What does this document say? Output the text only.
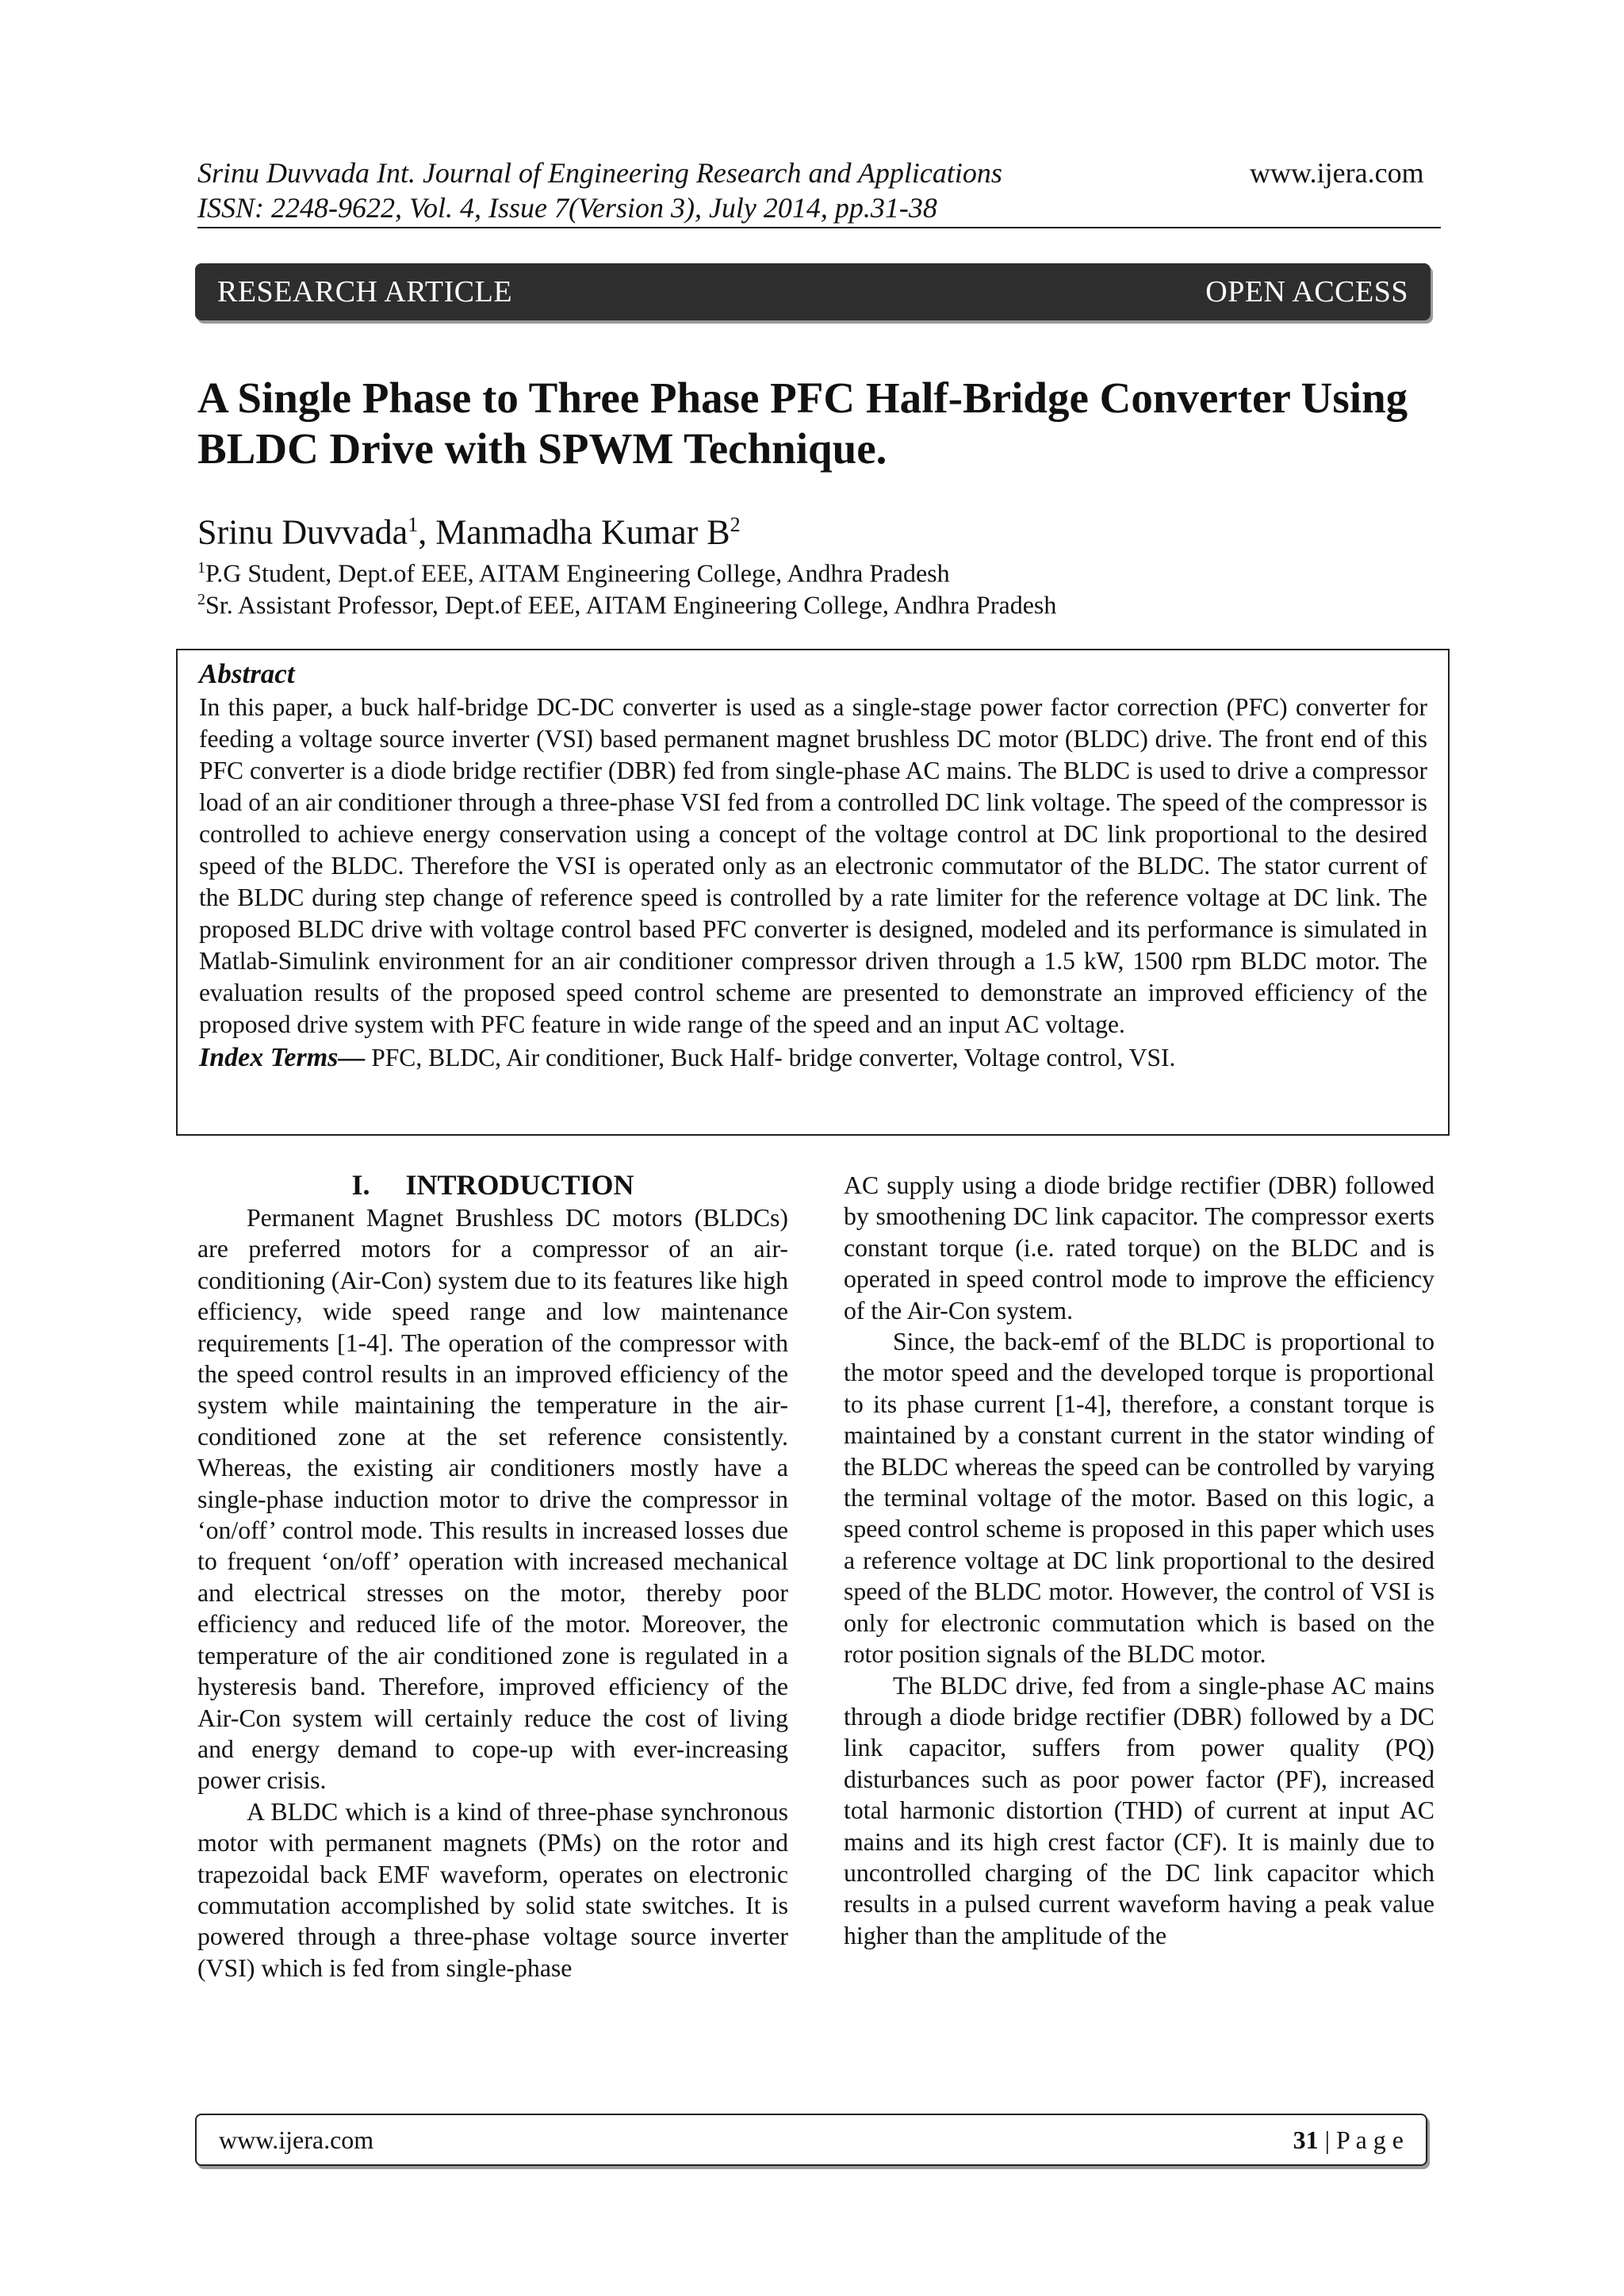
Srinu Duvvada Int. Journal of Engineering Research and Applications
ISSN: 2248-9622, Vol. 4, Issue 7(Version 3), July 2014, pp.31-38
www.ijera.com
RESEARCH ARTICLE	OPEN ACCESS
A Single Phase to Three Phase PFC Half-Bridge Converter Using
BLDC Drive with SPWM Technique.
Srinu Duvvada$^1$, Manmadha Kumar $B^2$
$^1$P.G Student, Dept.of EEE, AITAM Engineering College, Andhra Pradesh
$^2$Sr. Assistant Professor, Dept.of EEE, AITAM Engineering College, Andhra Pradesh
Abstract
In this paper, a buck half-bridge DC-DC converter is used as a single-stage power factor correction (PFC) converter for feeding a voltage source inverter (VSI) based permanent magnet brushless DC motor (BLDC) drive. The front end of this PFC converter is a diode bridge rectifier (DBR) fed from single-phase AC mains. The BLDC is used to drive a compressor load of an air conditioner through a three-phase VSI fed from a controlled DC link voltage. The speed of the compressor is controlled to achieve energy conservation using a concept of the voltage control at DC link proportional to the desired speed of the BLDC. Therefore the VSI is operated only as an electronic commutator of the BLDC. The stator current of the BLDC during step change of reference speed is controlled by a rate limiter for the reference voltage at DC link. The proposed BLDC drive with voltage control based PFC converter is designed, modeled and its performance is simulated in Matlab-Simulink environment for an air conditioner compressor driven through a 1.5 kW, 1500 rpm BLDC motor. The evaluation results of the proposed speed control scheme are presented to demonstrate an improved efficiency of the proposed drive system with PFC feature in wide range of the speed and an input AC voltage.
Index Terms— PFC, BLDC, Air conditioner, Buck Half- bridge converter, Voltage control, VSI.
I.     INTRODUCTION

Permanent Magnet Brushless DC motors (BLDCs) are preferred motors for a compressor of an air-conditioning (Air-Con) system due to its features like high efficiency, wide speed range and low maintenance requirements [1-4]. The operation of the compressor with the speed control results in an improved efficiency of the system while maintaining the temperature in the air-conditioned zone at the set reference consistently. Whereas, the existing air conditioners mostly have a single-phase induction motor to drive the compressor in ‘on/off’ control mode. This results in increased losses due to frequent ‘on/off’ operation with increased mechanical and electrical stresses on the motor, thereby poor efficiency and reduced life of the motor. Moreover, the temperature of the air conditioned zone is regulated in a hysteresis band. Therefore, improved efficiency of the Air-Con system will certainly reduce the cost of living and energy demand to cope-up with ever-increasing power crisis.

A BLDC which is a kind of three-phase synchronous motor with permanent magnets (PMs) on the rotor and trapezoidal back EMF waveform, operates on electronic commutation accomplished by solid state switches. It is powered through a three-phase voltage source inverter (VSI) which is fed from single-phase

AC supply using a diode bridge rectifier (DBR) followed by smoothening DC link capacitor. The compressor exerts constant torque (i.e. rated torque) on the BLDC and is operated in speed control mode to improve the efficiency of the Air-Con system.

Since, the back-emf of the BLDC is proportional to the motor speed and the developed torque is proportional to its phase current [1-4], therefore, a constant torque is maintained by a constant current in the stator winding of the BLDC whereas the speed can be controlled by varying the terminal voltage of the motor. Based on this logic, a speed control scheme is proposed in this paper which uses a reference voltage at DC link proportional to the desired speed of the BLDC motor. However, the control of VSI is only for electronic commutation which is based on the rotor position signals of the BLDC motor.

The BLDC drive, fed from a single-phase AC mains through a diode bridge rectifier (DBR) followed by a DC link capacitor, suffers from power quality (PQ) disturbances such as poor power factor (PF), increased total harmonic distortion (THD) of current at input AC mains and its high crest factor (CF). It is mainly due to uncontrolled charging of the DC link capacitor which results in a pulsed current waveform having a peak value higher than the amplitude of the

www.ijera.com	31 | P a g e
